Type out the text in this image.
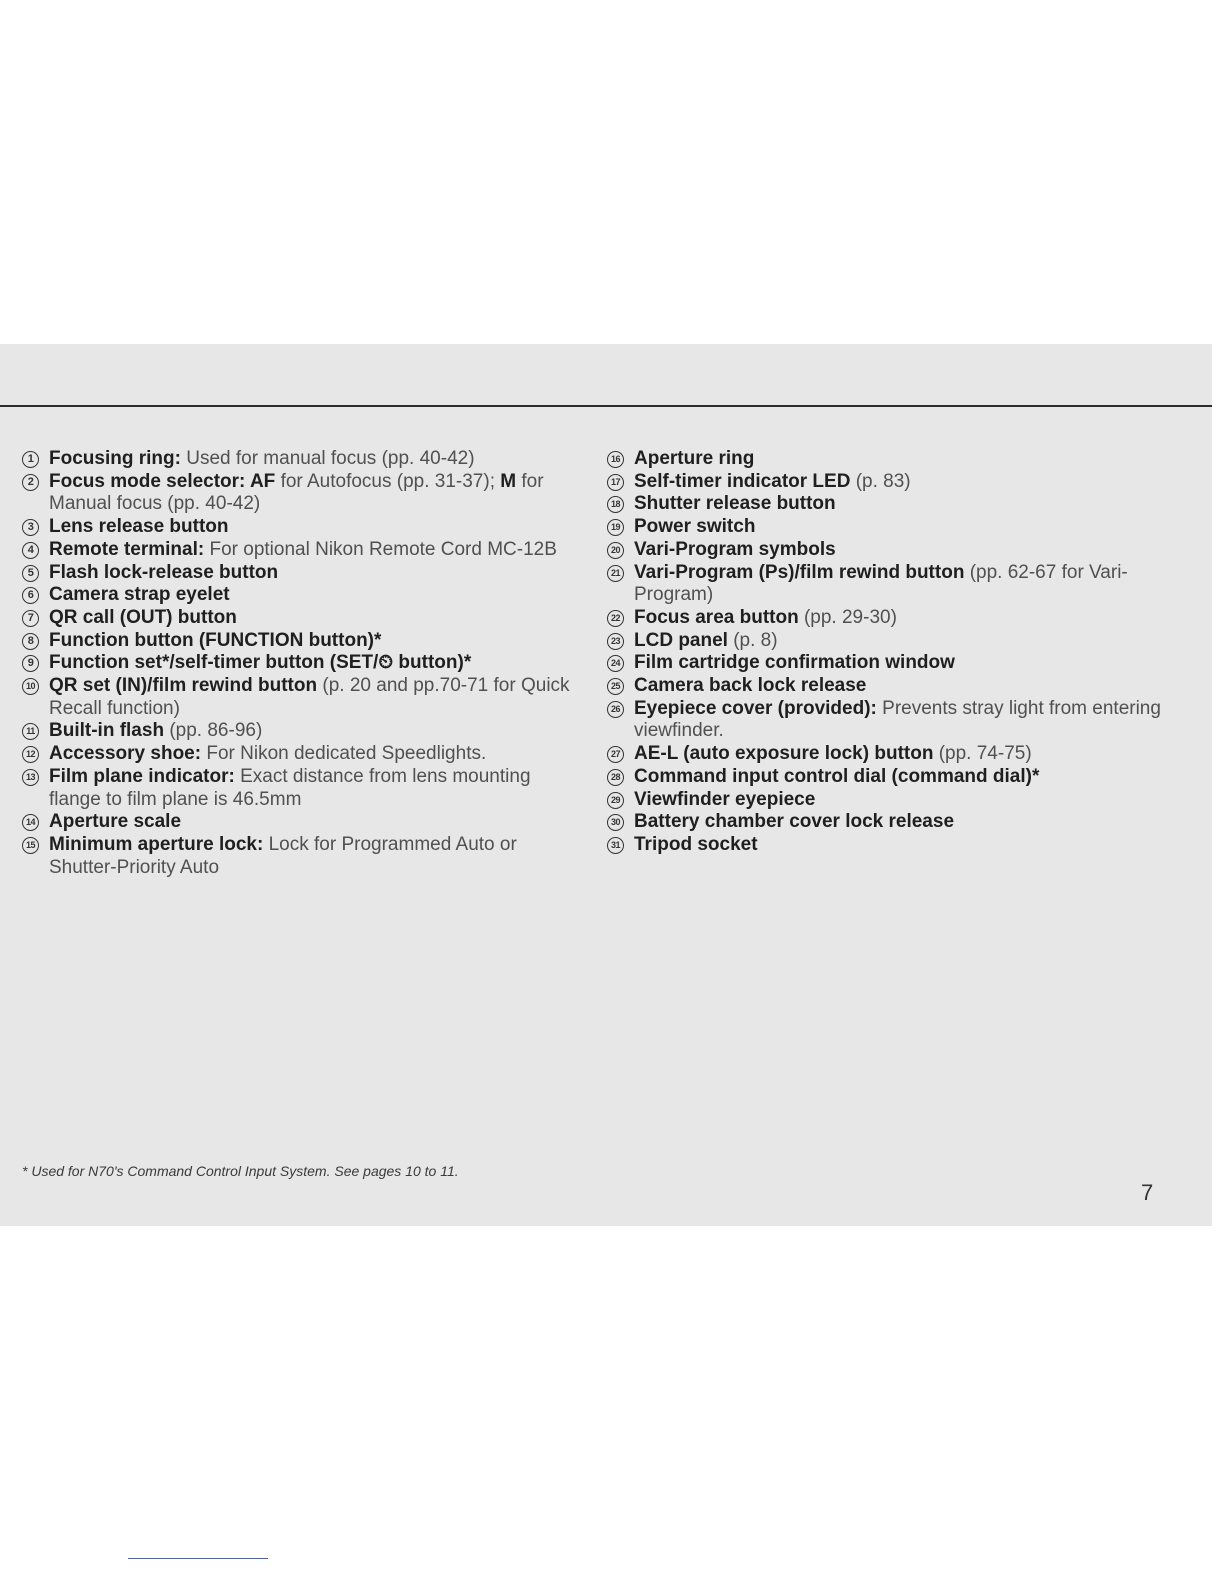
1 Focusing ring: Used for manual focus (pp. 40-42)
2 Focus mode selector: AF for Autofocus (pp. 31-37); M for Manual focus (pp. 40-42)
3 Lens release button
4 Remote terminal: For optional Nikon Remote Cord MC-12B
5 Flash lock-release button
6 Camera strap eyelet
7 QR call (OUT) button
8 Function button (FUNCTION button)*
9 Function set*/self-timer button (SET/⏲ button)*
10 QR set (IN)/film rewind button (p. 20 and pp.70-71 for Quick Recall function)
11 Built-in flash (pp. 86-96)
12 Accessory shoe: For Nikon dedicated Speedlights.
13 Film plane indicator: Exact distance from lens mounting flange to film plane is 46.5mm
14 Aperture scale
15 Minimum aperture lock: Lock for Programmed Auto or Shutter-Priority Auto
16 Aperture ring
17 Self-timer indicator LED (p. 83)
18 Shutter release button
19 Power switch
20 Vari-Program symbols
21 Vari-Program (Ps)/film rewind button (pp. 62-67 for Vari-Program)
22 Focus area button (pp. 29-30)
23 LCD panel (p. 8)
24 Film cartridge confirmation window
25 Camera back lock release
26 Eyepiece cover (provided): Prevents stray light from entering viewfinder.
27 AE-L (auto exposure lock) button (pp. 74-75)
28 Command input control dial (command dial)*
29 Viewfinder eyepiece
30 Battery chamber cover lock release
31 Tripod socket
* Used for N70's Command Control Input System. See pages 10 to 11.
7
